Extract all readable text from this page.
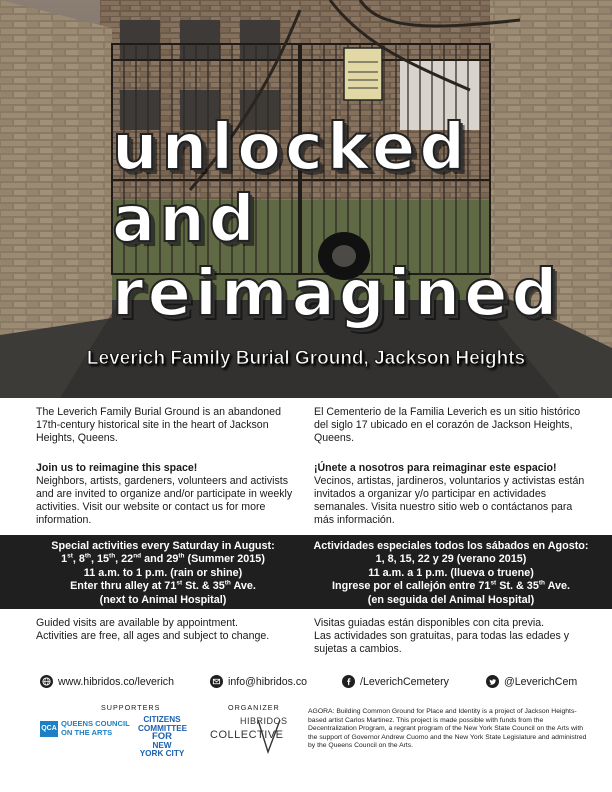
unlocked
and
reimagined
Leverich Family Burial Ground, Jackson Heights
The Leverich Family Burial Ground is an abandoned 17th-century historical site in the heart of Jackson Heights, Queens.
El Cementerio de la Familia Leverich es un sitio histórico del siglo 17 ubicado en el corazón de Jackson Heights, Queens.
Join us to reimagine this space!
Neighbors, artists, gardeners, volunteers and activists and are invited to organize and/or participate in weekly activities. Visit our website or contact us for more information.
¡Únete a nosotros para reimaginar este espacio!
Vecinos, artistas, jardineros, voluntarios y activistas están invitados a organizar y/o participar en actividades semanales. Visita nuestro sitio web o contáctanos para más información.
Special activities every Saturday in August:
1st, 8th, 15th, 22nd and 29th (Summer 2015)
11 a.m. to 1 p.m. (rain or shine)
Enter thru alley at 71st St. & 35th Ave.
(next to Animal Hospital)
Actividades especiales todos los sábados en Agosto:
1, 8, 15, 22 y 29 (verano 2015)
11 a.m. a 1 p.m. (llueva o truene)
Ingrese por el callejón entre 71st St. & 35th Ave.
(en seguida del Animal Hospital)
Guided visits are available by appointment.
Activities are free, all ages and subject to change.
Visitas guiadas están disponibles con cita previa.
Las actividades son gratuitas, para todas las edades y sujetas a cambios.
www.hibridos.co/leverich	info@hibridos.co	/LeverichCemetery	@LeverichCem
SUPPORTERS	ORGANIZER
QCA
QUEENS COUNCIL
ON THE ARTS
CITIZENS
COMMITTEE
FOR
NEW
YORK CITY
HIBRIDOS
COLLECTIVE
AGORA: Building Common Ground for Place and Identity is a project of Jackson Heights-based artist Carlos Martinez. This project is made possible with funds from the Decentralization Program, a regrant program of the New York State Council on the Arts with the support of Governor Andrew Cuomo and the New York State Legislature and administred by the Queens Council on the Arts.
